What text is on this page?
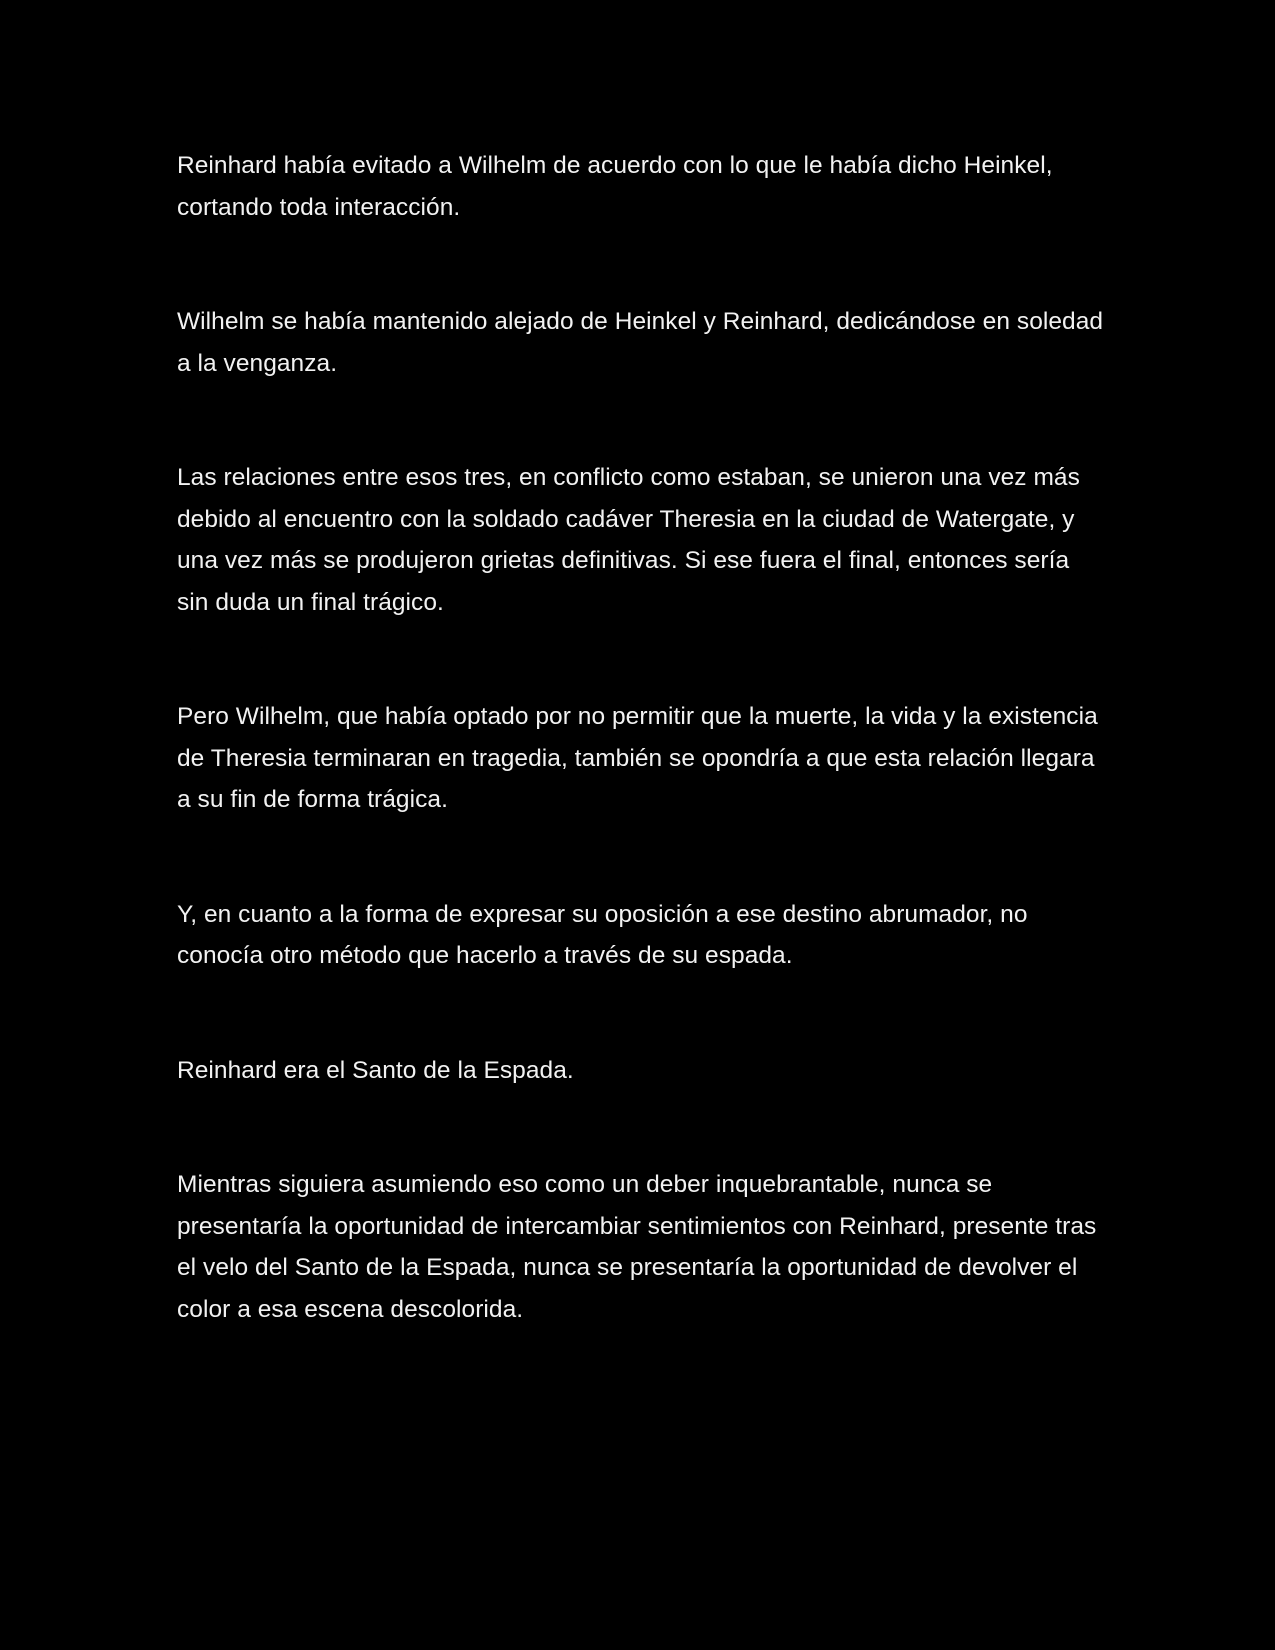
Reinhard había evitado a Wilhelm de acuerdo con lo que le había dicho Heinkel, cortando toda interacción.

Wilhelm se había mantenido alejado de Heinkel y Reinhard, dedicándose en soledad a la venganza.

Las relaciones entre esos tres, en conflicto como estaban, se unieron una vez más debido al encuentro con la soldado cadáver Theresia en la ciudad de Watergate, y una vez más se produjeron grietas definitivas. Si ese fuera el final, entonces sería sin duda un final trágico.

Pero Wilhelm, que había optado por no permitir que la muerte, la vida y la existencia de Theresia terminaran en tragedia, también se opondría a que esta relación llegara a su fin de forma trágica.

Y, en cuanto a la forma de expresar su oposición a ese destino abrumador, no conocía otro método que hacerlo a través de su espada.

Reinhard era el Santo de la Espada.

Mientras siguiera asumiendo eso como un deber inquebrantable, nunca se presentaría la oportunidad de intercambiar sentimientos con Reinhard, presente tras el velo del Santo de la Espada, nunca se presentaría la oportunidad de devolver el color a esa escena descolorida.
